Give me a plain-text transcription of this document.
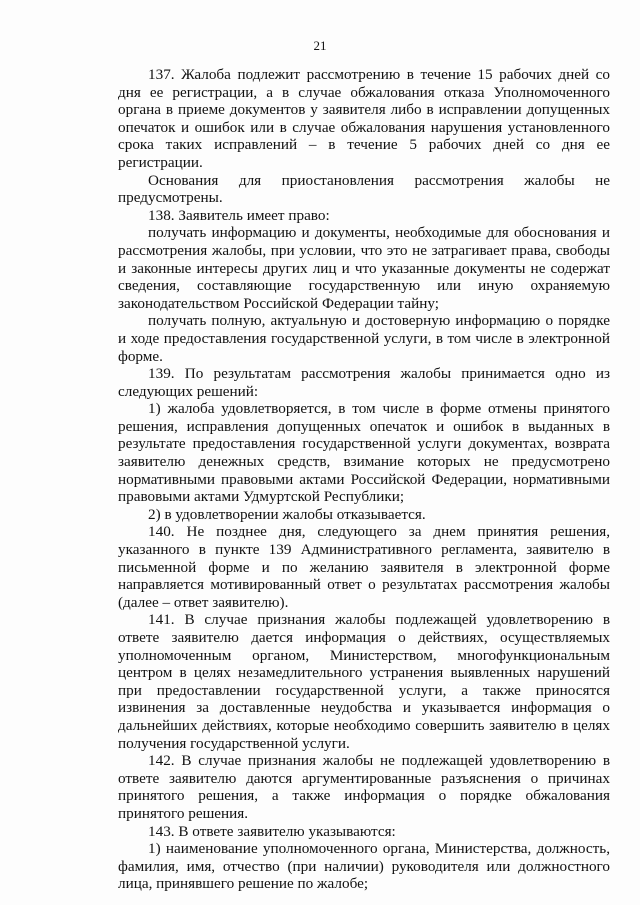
21

137. Жалоба подлежит рассмотрению в течение 15 рабочих дней со дня ее регистрации, а в случае обжалования отказа Уполномоченного органа в приеме документов у заявителя либо в исправлении допущенных опечаток и ошибок или в случае обжалования нарушения установленного срока таких исправлений – в течение 5 рабочих дней со дня ее регистрации.

Основания для приостановления рассмотрения жалобы не предусмотрены.

138. Заявитель имеет право:

получать информацию и документы, необходимые для обоснования и рассмотрения жалобы, при условии, что это не затрагивает права, свободы и законные интересы других лиц и что указанные документы не содержат сведения, составляющие государственную или иную охраняемую законодательством Российской Федерации тайну;

получать полную, актуальную и достоверную информацию о порядке и ходе предоставления государственной услуги, в том числе в электронной форме.

139. По результатам рассмотрения жалобы принимается одно из следующих решений:

1) жалоба удовлетворяется, в том числе в форме отмены принятого решения, исправления допущенных опечаток и ошибок в выданных в результате предоставления государственной услуги документах, возврата заявителю денежных средств, взимание которых не предусмотрено нормативными правовыми актами Российской Федерации, нормативными правовыми актами Удмуртской Республики;

2) в удовлетворении жалобы отказывается.

140. Не позднее дня, следующего за днем принятия решения, указанного в пункте 139 Административного регламента, заявителю в письменной форме и по желанию заявителя в электронной форме направляется мотивированный ответ о результатах рассмотрения жалобы (далее – ответ заявителю).

141. В случае признания жалобы подлежащей удовлетворению в ответе заявителю дается информация о действиях, осуществляемых уполномоченным органом, Министерством, многофункциональным центром в целях незамедлительного устранения выявленных нарушений при предоставлении государственной услуги, а также приносятся извинения за доставленные неудобства и указывается информация о дальнейших действиях, которые необходимо совершить заявителю в целях получения государственной услуги.

142. В случае признания жалобы не подлежащей удовлетворению в ответе заявителю даются аргументированные разъяснения о причинах принятого решения, а также информация о порядке обжалования принятого решения.

143. В ответе заявителю указываются:

1) наименование уполномоченного органа, Министерства, должность, фамилия, имя, отчество (при наличии) руководителя или должностного лица, принявшего решение по жалобе;
